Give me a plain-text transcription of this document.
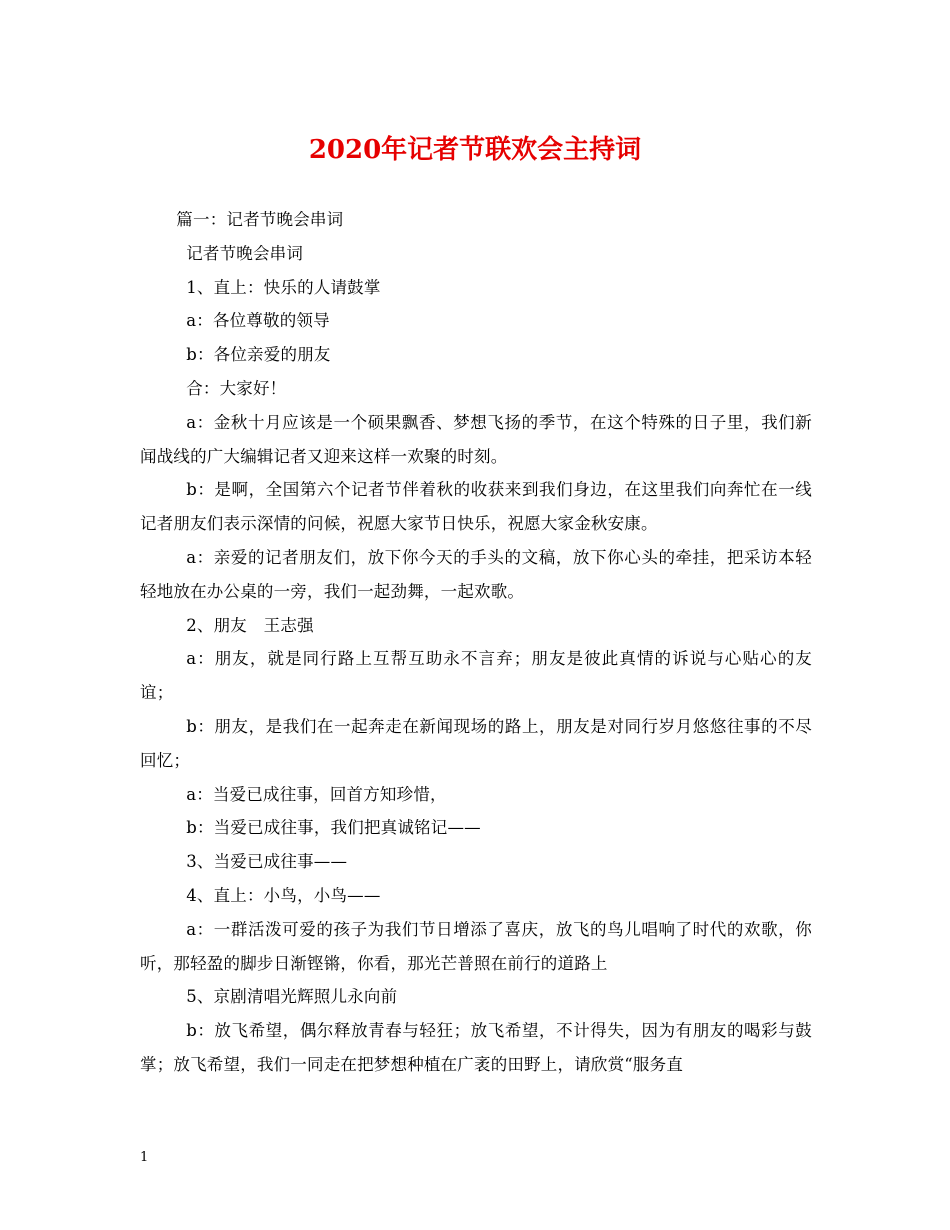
2020年记者节联欢会主持词

篇一：记者节晚会串词

记者节晚会串词

1、直上：快乐的人请鼓掌

a：各位尊敬的领导

b：各位亲爱的朋友

合：大家好！

a：金秋十月应该是一个硕果飘香、梦想飞扬的季节，在这个特殊的日子里，我们新闻战线的广大编辑记者又迎来这样一欢聚的时刻。

b：是啊，全国第六个记者节伴着秋的收获来到我们身边，在这里我们向奔忙在一线记者朋友们表示深情的问候，祝愿大家节日快乐，祝愿大家金秋安康。

a：亲爱的记者朋友们，放下你今天的手头的文稿，放下你心头的牵挂，把采访本轻轻地放在办公桌的一旁，我们一起劲舞，一起欢歌。

2、朋友　王志强

a：朋友，就是同行路上互帮互助永不言弃；朋友是彼此真情的诉说与心贴心的友谊；

b：朋友，是我们在一起奔走在新闻现场的路上，朋友是对同行岁月悠悠往事的不尽回忆；

a：当爱已成往事，回首方知珍惜，

b：当爱已成往事，我们把真诚铭记——

3、当爱已成往事——

4、直上：小鸟，小鸟——

a：一群活泼可爱的孩子为我们节日增添了喜庆，放飞的鸟儿唱响了时代的欢歌，你听，那轻盈的脚步日渐铿锵，你看，那光芒普照在前行的道路上

5、京剧清唱光辉照儿永向前

b：放飞希望，偶尔释放青春与轻狂；放飞希望，不计得失，因为有朋友的喝彩与鼓掌；放飞希望，我们一同走在把梦想种植在广袤的田野上，请欣赏“服务直

1
